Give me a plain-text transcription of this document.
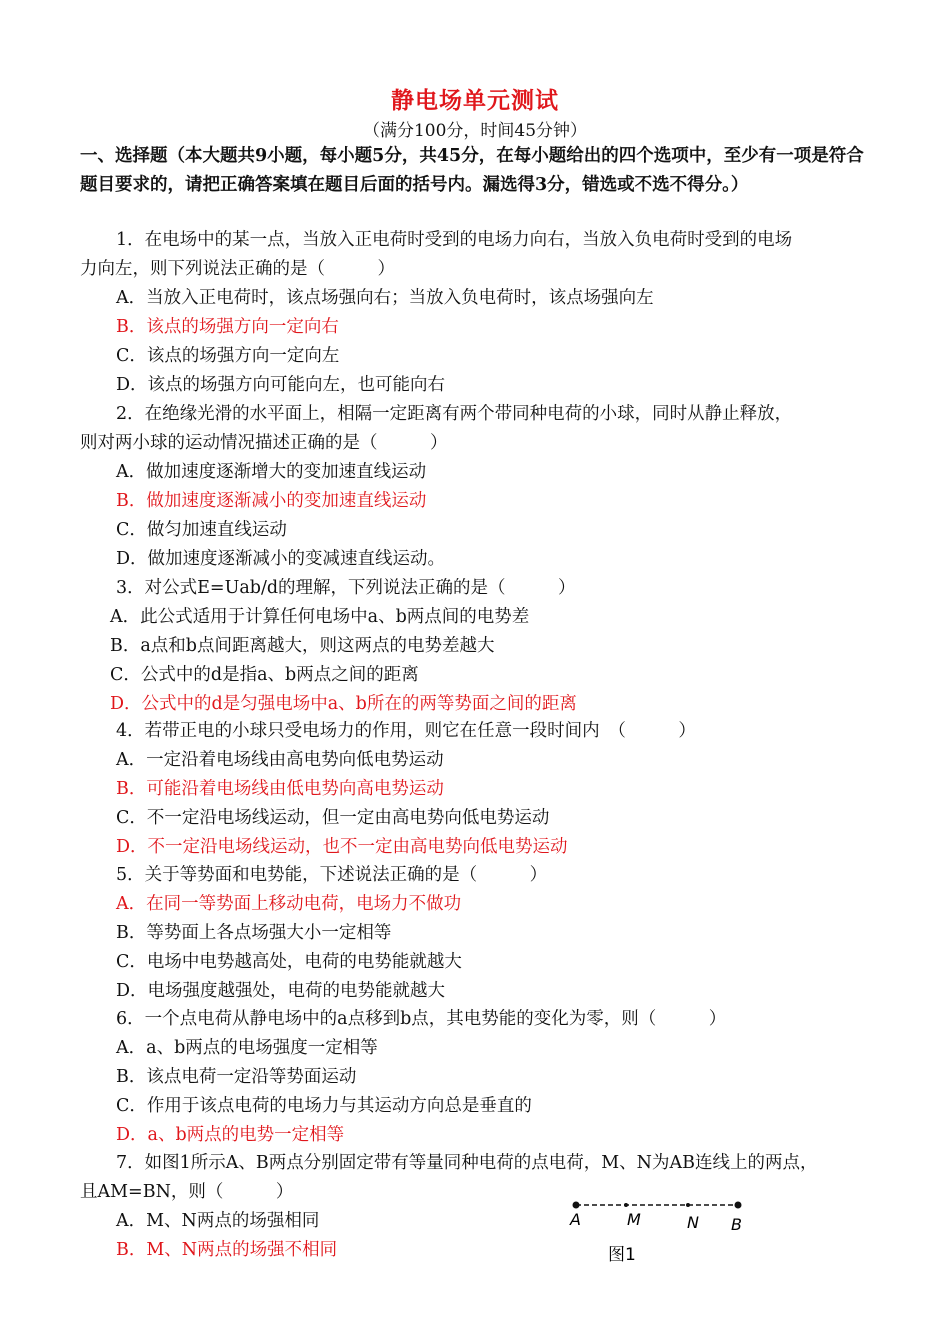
静电场单元测试
（满分100分，时间45分钟）
一、选择题（本大题共9小题，每小题5分，共45分，在每小题给出的四个选项中，至少有一项是符合题目要求的，请把正确答案填在题目后面的括号内。漏选得3分，错选或不选不得分。）
1．在电场中的某一点，当放入正电荷时受到的电场力向右，当放入负电荷时受到的电场
力向左，则下列说法正确的是（　　　）
A．当放入正电荷时，该点场强向右；当放入负电荷时，该点场强向左
B．该点的场强方向一定向右
C．该点的场强方向一定向左
D．该点的场强方向可能向左，也可能向右
2．在绝缘光滑的水平面上，相隔一定距离有两个带同种电荷的小球，同时从静止释放，
则对两小球的运动情况描述正确的是（　　　）
A．做加速度逐渐增大的变加速直线运动
B．做加速度逐渐减小的变加速直线运动
C．做匀加速直线运动
D．做加速度逐渐减小的变减速直线运动。
3．对公式E=Uab/d的理解，下列说法正确的是（　　　）
A．此公式适用于计算任何电场中a、b两点间的电势差
B．a点和b点间距离越大，则这两点的电势差越大
C．公式中的d是指a、b两点之间的距离
D．公式中的d是匀强电场中a、b所在的两等势面之间的距离
4．若带正电的小球只受电场力的作用，则它在任意一段时间内　（　　　）
A．一定沿着电场线由高电势向低电势运动
B．可能沿着电场线由低电势向高电势运动
C．不一定沿电场线运动，但一定由高电势向低电势运动
D．不一定沿电场线运动，也不一定由高电势向低电势运动
5．关于等势面和电势能，下述说法正确的是（　　　）
A．在同一等势面上移动电荷，电场力不做功
B．等势面上各点场强大小一定相等
C．电场中电势越高处，电荷的电势能就越大
D．电场强度越强处，电荷的电势能就越大
6．一个点电荷从静电场中的a点移到b点，其电势能的变化为零，则（　　　）
A．a、b两点的电场强度一定相等
B．该点电荷一定沿等势面运动
C．作用于该点电荷的电场力与其运动方向总是垂直的
D．a、b两点的电势一定相等
7．如图1所示A、B两点分别固定带有等量同种电荷的点电荷，M、N为AB连线上的两点，
且AM=BN，则（　　　）
A．M、N两点的场强相同
B．M、N两点的场强不相同
A	M	N B
图1
